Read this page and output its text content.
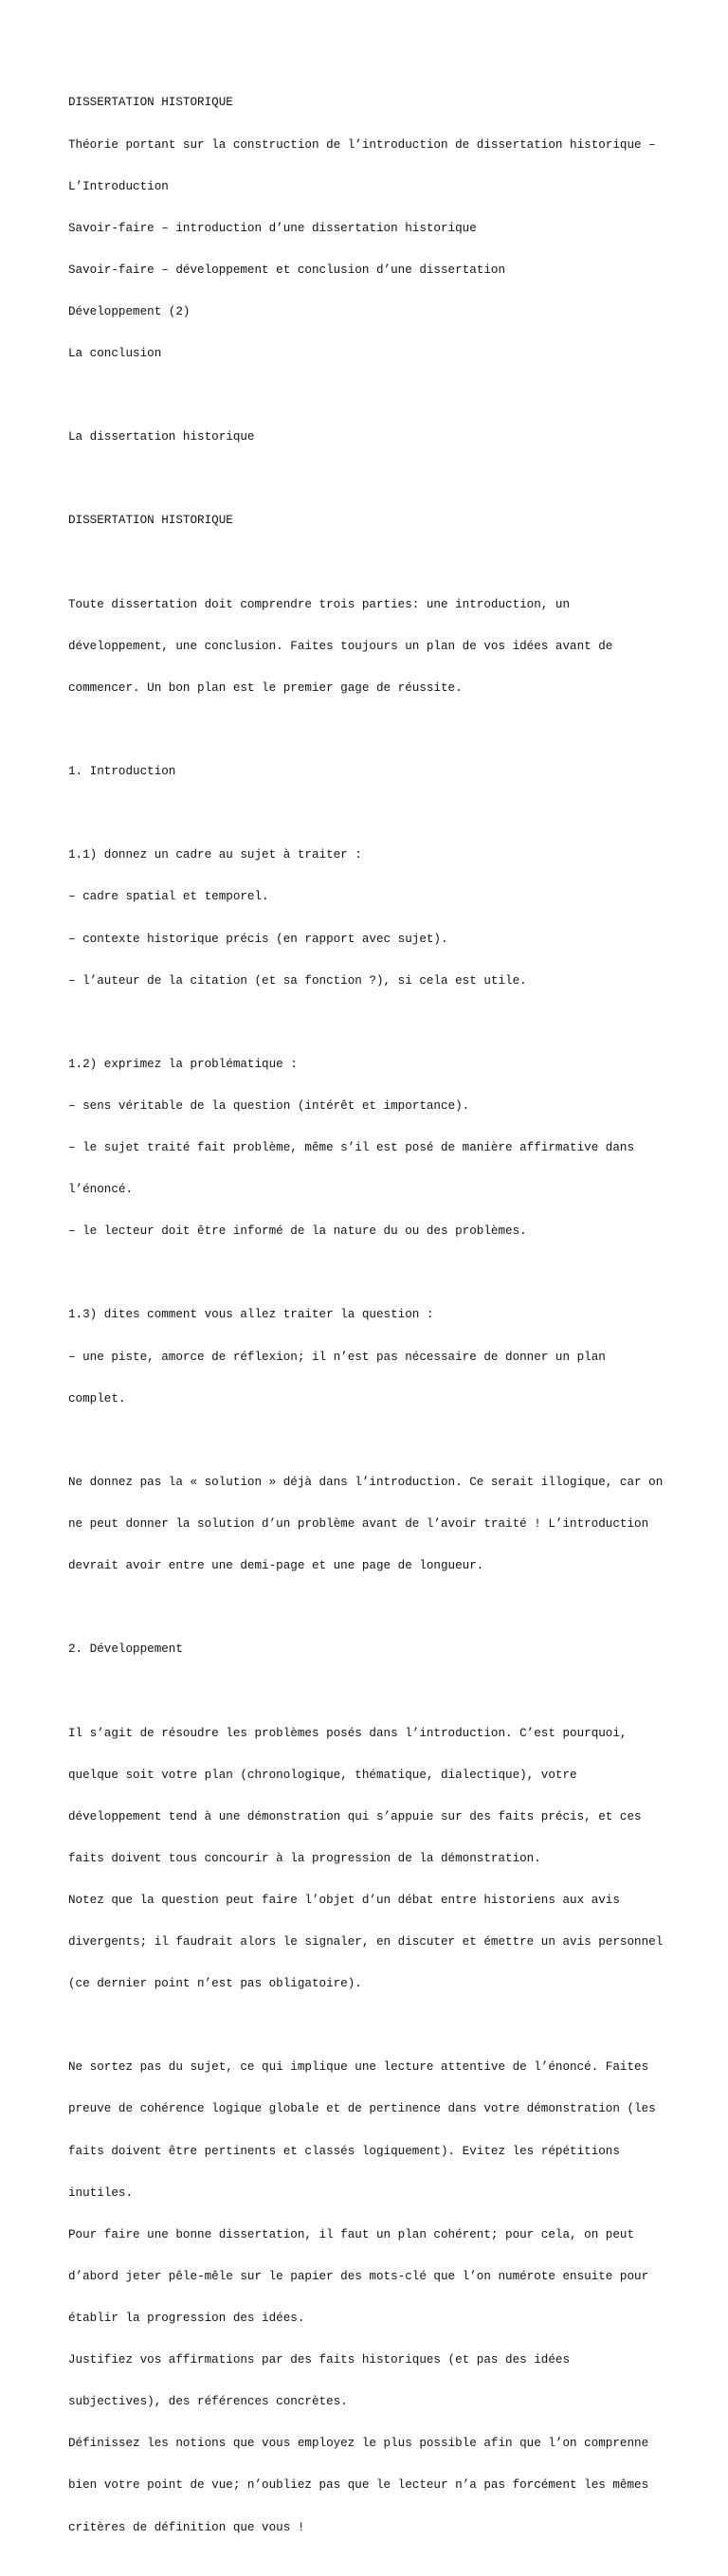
DISSERTATION HISTORIQUE

Théorie portant sur la construction de l’introduction de dissertation historique –

L’Introduction

Savoir-faire – introduction d’une dissertation historique

Savoir-faire – développement et conclusion d’une dissertation

Développement (2)

La conclusion

La dissertation historique

DISSERTATION HISTORIQUE

Toute dissertation doit comprendre trois parties: une introduction, un

développement, une conclusion. Faites toujours un plan de vos idées avant de

commencer. Un bon plan est le premier gage de réussite.

1. Introduction

1.1) donnez un cadre au sujet à traiter :

– cadre spatial et temporel.

– contexte historique précis (en rapport avec sujet).

– l’auteur de la citation (et sa fonction ?), si cela est utile.

1.2) exprimez la problématique :

– sens véritable de la question (intérêt et importance).

– le sujet traité fait problème, même s’il est posé de manière affirmative dans

l’énoncé.

– le lecteur doit être informé de la nature du ou des problèmes.

1.3) dites comment vous allez traiter la question :

– une piste, amorce de réflexion; il n’est pas nécessaire de donner un plan

complet.

Ne donnez pas la « solution » déjà dans l’introduction. Ce serait illogique, car on

ne peut donner la solution d’un problème avant de l’avoir traité ! L’introduction

devrait avoir entre une demi-page et une page de longueur.

2. Développement

Il s’agit de résoudre les problèmes posés dans l’introduction. C’est pourquoi,

quelque soit votre plan (chronologique, thématique, dialectique), votre

développement tend à une démonstration qui s’appuie sur des faits précis, et ces

faits doivent tous concourir à la progression de la démonstration.

Notez que la question peut faire l’objet d’un débat entre historiens aux avis

divergents; il faudrait alors le signaler, en discuter et émettre un avis personnel

(ce dernier point n’est pas obligatoire).

Ne sortez pas du sujet, ce qui implique une lecture attentive de l’énoncé. Faites

preuve de cohérence logique globale et de pertinence dans votre démonstration (les

faits doivent être pertinents et classés logiquement). Evitez les répétitions

inutiles.

Pour faire une bonne dissertation, il faut un plan cohérent; pour cela, on peut

d’abord jeter pêle-mêle sur le papier des mots-clé que l’on numérote ensuite pour

établir la progression des idées.

Justifiez vos affirmations par des faits historiques (et pas des idées

subjectives), des références concrètes.

Définissez les notions que vous employez le plus possible afin que l’on comprenne

bien votre point de vue; n’oubliez pas que le lecteur n’a pas forcément les mêmes

critères de définition que vous !
